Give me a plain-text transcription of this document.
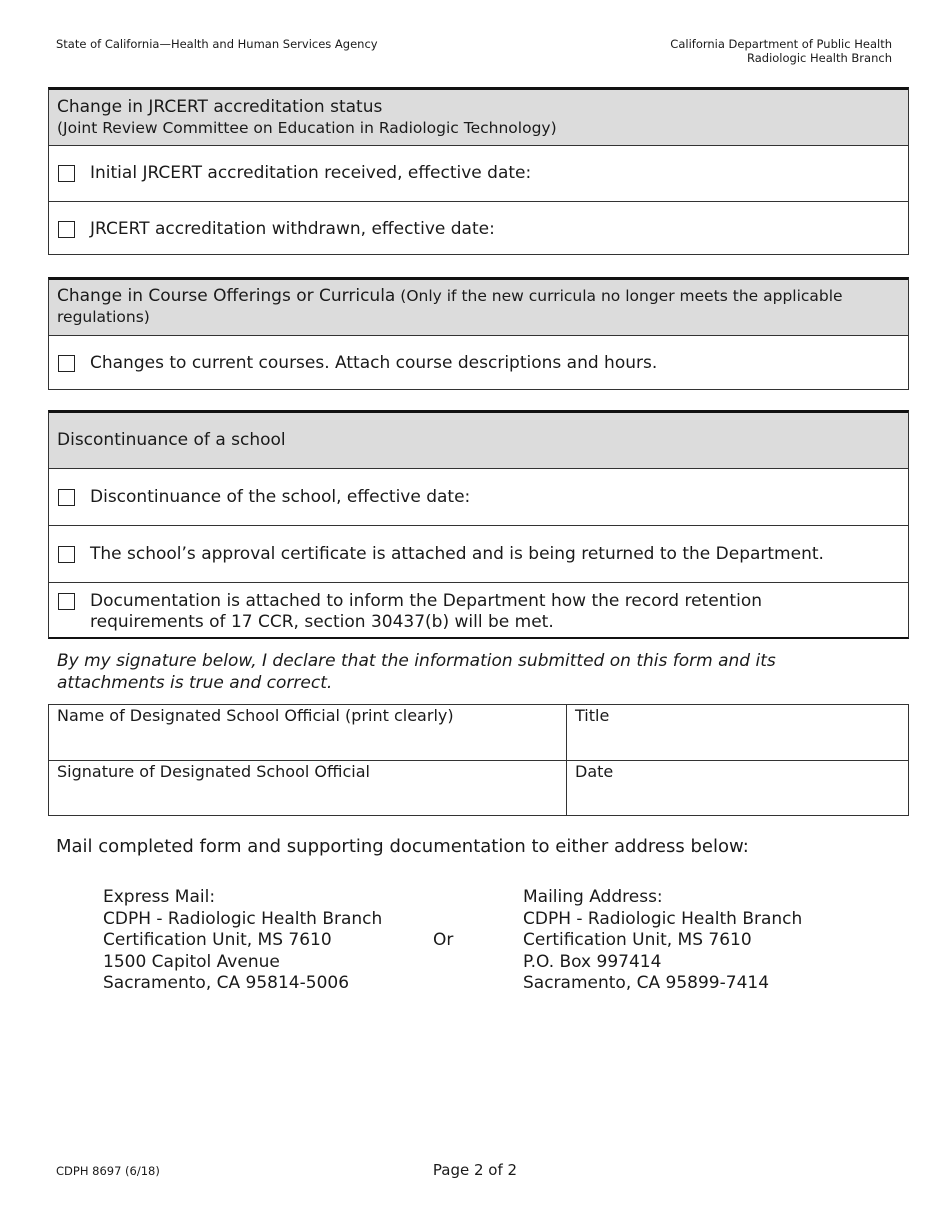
State of California—Health and Human Services Agency	California Department of Public Health
Radiologic Health Branch
Change in JRCERT accreditation status
(Joint Review Committee on Education in Radiologic Technology)
Initial JRCERT accreditation received, effective date:
JRCERT accreditation withdrawn, effective date:
Change in Course Offerings or Curricula (Only if the new curricula no longer meets the applicable regulations)
Changes to current courses. Attach course descriptions and hours.
Discontinuance of a school
Discontinuance of the school, effective date:
The school’s approval certificate is attached and is being returned to the Department.
Documentation is attached to inform the Department how the record retention requirements of 17 CCR, section 30437(b) will be met.
By my signature below, I declare that the information submitted on this form and its attachments is true and correct.
Name of Designated School Official (print clearly)	Title
Signature of Designated School Official	Date
Mail completed form and supporting documentation to either address below:
Express Mail:
CDPH - Radiologic Health Branch
Certification Unit, MS 7610
1500 Capitol Avenue
Sacramento, CA 95814-5006
Or
Mailing Address:
CDPH - Radiologic Health Branch
Certification Unit, MS 7610
P.O. Box 997414
Sacramento, CA 95899-7414
CDPH 8697 (6/18)	Page 2 of 2
